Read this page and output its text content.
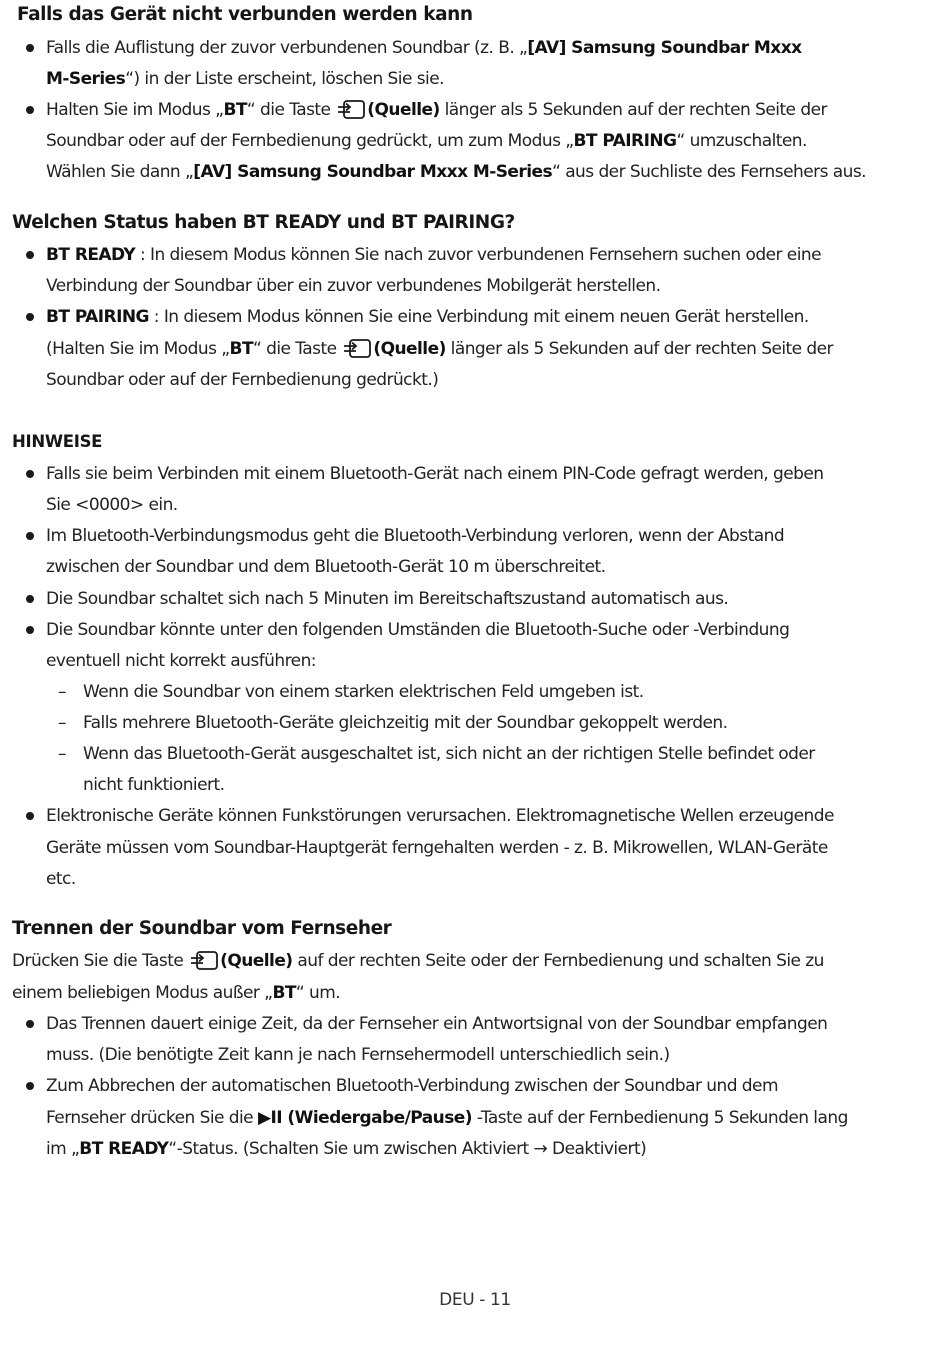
Falls das Gerät nicht verbunden werden kann
Falls die Auflistung der zuvor verbundenen Soundbar (z. B. „[AV] Samsung Soundbar Mxxx
M-Series“) in der Liste erscheint, löschen Sie sie.
Halten Sie im Modus „BT“ die Taste
(Quelle) länger als 5 Sekunden auf der rechten Seite der
Soundbar oder auf der Fernbedienung gedrückt, um zum Modus „BT PAIRING“ umzuschalten.
Wählen Sie dann „[AV] Samsung Soundbar Mxxx M-Series“ aus der Suchliste des Fernsehers aus.
Welchen Status haben BT READY und BT PAIRING?
BT READY : In diesem Modus können Sie nach zuvor verbundenen Fernsehern suchen oder eine
Verbindung der Soundbar über ein zuvor verbundenes Mobilgerät herstellen.
BT PAIRING : In diesem Modus können Sie eine Verbindung mit einem neuen Gerät herstellen.
(Halten Sie im Modus „BT“ die Taste
(Quelle) länger als 5 Sekunden auf der rechten Seite der
Soundbar oder auf der Fernbedienung gedrückt.)
HINWEISE
Falls sie beim Verbinden mit einem Bluetooth-Gerät nach einem PIN-Code gefragt werden, geben
Sie <0000> ein.
Im Bluetooth-Verbindungsmodus geht die Bluetooth-Verbindung verloren, wenn der Abstand
zwischen der Soundbar und dem Bluetooth-Gerät 10 m überschreitet.
Die Soundbar schaltet sich nach 5 Minuten im Bereitschaftszustand automatisch aus.
Die Soundbar könnte unter den folgenden Umständen die Bluetooth-Suche oder -Verbindung
eventuell nicht korrekt ausführen:
– Wenn die Soundbar von einem starken elektrischen Feld umgeben ist.
– Falls mehrere Bluetooth-Geräte gleichzeitig mit der Soundbar gekoppelt werden.
– Wenn das Bluetooth-Gerät ausgeschaltet ist, sich nicht an der richtigen Stelle befindet oder
nicht funktioniert.
Elektronische Geräte können Funkstörungen verursachen. Elektromagnetische Wellen erzeugende
Geräte müssen vom Soundbar-Hauptgerät ferngehalten werden - z. B. Mikrowellen, WLAN-Geräte
etc.
Trennen der Soundbar vom Fernseher
Drücken Sie die Taste
(Quelle) auf der rechten Seite oder der Fernbedienung und schalten Sie zu
einem beliebigen Modus außer „BT“ um.
Das Trennen dauert einige Zeit, da der Fernseher ein Antwortsignal von der Soundbar empfangen
muss. (Die benötigte Zeit kann je nach Fernsehermodell unterschiedlich sein.)
Zum Abbrechen der automatischen Bluetooth-Verbindung zwischen der Soundbar und dem
Fernseher drücken Sie die ▶II (Wiedergabe/Pause) -Taste auf der Fernbedienung 5 Sekunden lang
im „BT READY“-Status. (Schalten Sie um zwischen Aktiviert → Deaktiviert)
DEU - 11
